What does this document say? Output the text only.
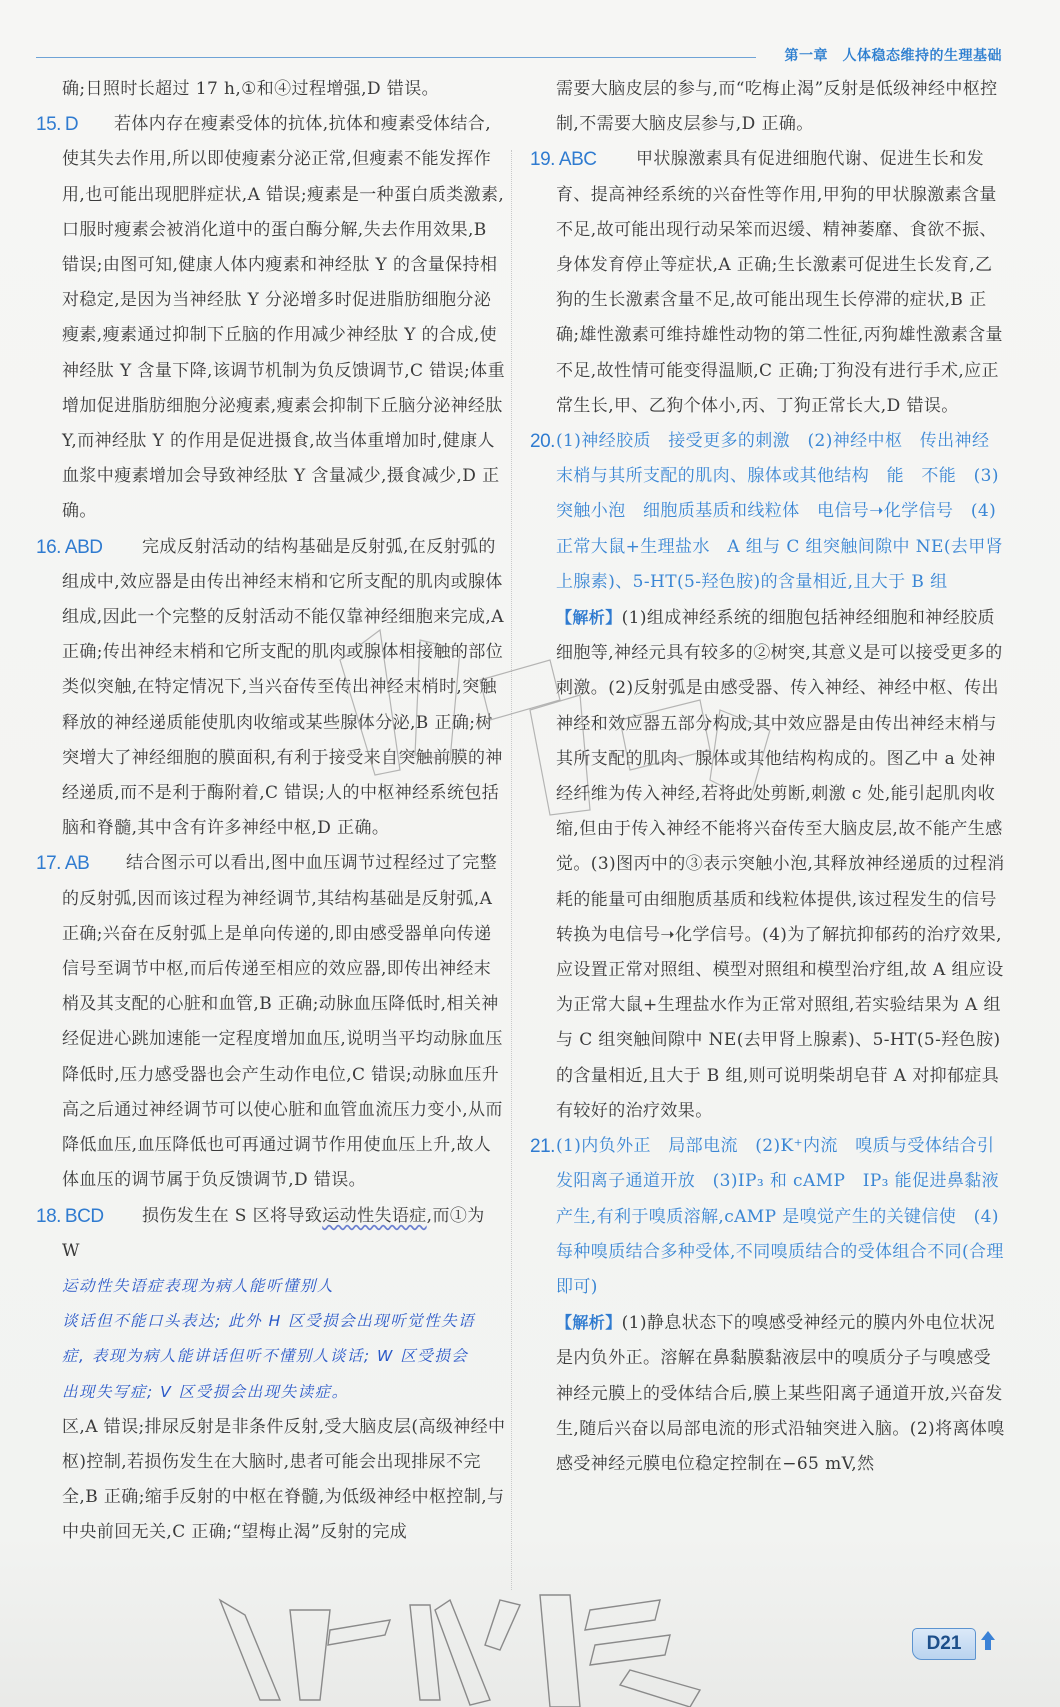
第一章　人体稳态维持的生理基础
确;日照时长超过 17 h,①和④过程增强,D 错误。
15. D 若体内存在瘦素受体的抗体,抗体和瘦素受体结合,使其失去作用,所以即使瘦素分泌正常,但瘦素不能发挥作用,也可能出现肥胖症状,A 错误;瘦素是一种蛋白质类激素,口服时瘦素会被消化道中的蛋白酶分解,失去作用效果,B 错误;由图可知,健康人体内瘦素和神经肽 Y 的含量保持相对稳定,是因为当神经肽 Y 分泌增多时促进脂肪细胞分泌瘦素,瘦素通过抑制下丘脑的作用减少神经肽 Y 的合成,使神经肽 Y 含量下降,该调节机制为负反馈调节,C 错误;体重增加促进脂肪细胞分泌瘦素,瘦素会抑制下丘脑分泌神经肽 Y,而神经肽 Y 的作用是促进摄食,故当体重增加时,健康人血浆中瘦素增加会导致神经肽 Y 含量减少,摄食减少,D 正确。
16. ABD 完成反射活动的结构基础是反射弧,在反射弧的组成中,效应器是由传出神经末梢和它所支配的肌肉或腺体组成,因此一个完整的反射活动不能仅靠神经细胞来完成,A 正确;传出神经末梢和它所支配的肌肉或腺体相接触的部位类似突触,在特定情况下,当兴奋传至传出神经末梢时,突触释放的神经递质能使肌肉收缩或某些腺体分泌,B 正确;树突增大了神经细胞的膜面积,有利于接受来自突触前膜的神经递质,而不是利于酶附着,C 错误;人的中枢神经系统包括脑和脊髓,其中含有许多神经中枢,D 正确。
17. AB 结合图示可以看出,图中血压调节过程经过了完整的反射弧,因而该过程为神经调节,其结构基础是反射弧,A 正确;兴奋在反射弧上是单向传递的,即由感受器单向传递信号至调节中枢,而后传递至相应的效应器,即传出神经末梢及其支配的心脏和血管,B 正确;动脉血压降低时,相关神经促进心跳加速能一定程度增加血压,说明当平均动脉血压降低时,压力感受器也会产生动作电位,C 错误;动脉血压升高之后通过神经调节可以使心脏和血管血流压力变小,从而降低血压,血压降低也可再通过调节作用使血压上升,故人体血压的调节属于负反馈调节,D 错误。
18. BCD 损伤发生在 S 区将导致运动性失语症,而①为 W
运动性失语症表现为病人能听懂别人
谈话但不能口头表达; 此外 H 区受损会出现听觉性失语
症, 表现为病人能讲话但听不懂别人谈话; W 区受损会
出现失写症; V 区受损会出现失读症。
区,A 错误;排尿反射是非条件反射,受大脑皮层(高级神经中枢)控制,若损伤发生在大脑时,患者可能会出现排尿不完全,B 正确;缩手反射的中枢在脊髓,为低级神经中枢控制,与中央前回无关,C 正确;“望梅止渴”反射的完成
需要大脑皮层的参与,而“吃梅止渴”反射是低级神经中枢控制,不需要大脑皮层参与,D 正确。
19. ABC 甲状腺激素具有促进细胞代谢、促进生长和发育、提高神经系统的兴奋性等作用,甲狗的甲状腺激素含量不足,故可能出现行动呆笨而迟缓、精神萎靡、食欲不振、身体发育停止等症状,A 正确;生长激素可促进生长发育,乙狗的生长激素含量不足,故可能出现生长停滞的症状,B 正确;雄性激素可维持雄性动物的第二性征,丙狗雄性激素含量不足,故性情可能变得温顺,C 正确;丁狗没有进行手术,应正常生长,甲、乙狗个体小,丙、丁狗正常长大,D 错误。
20. (1)神经胶质　接受更多的刺激　(2)神经中枢　传出神经末梢与其所支配的肌肉、腺体或其他结构　能　不能　(3)突触小泡　细胞质基质和线粒体　电信号➝化学信号　(4)正常大鼠+生理盐水　A 组与 C 组突触间隙中 NE(去甲肾上腺素)、5-HT(5-羟色胺)的含量相近,且大于 B 组
【解析】(1)组成神经系统的细胞包括神经细胞和神经胶质细胞等,神经元具有较多的②树突,其意义是可以接受更多的刺激。(2)反射弧是由感受器、传入神经、神经中枢、传出神经和效应器五部分构成,其中效应器是由传出神经末梢与其所支配的肌肉、腺体或其他结构构成的。图乙中 a 处神经纤维为传入神经,若将此处剪断,刺激 c 处,能引起肌肉收缩,但由于传入神经不能将兴奋传至大脑皮层,故不能产生感觉。(3)图丙中的③表示突触小泡,其释放神经递质的过程消耗的能量可由细胞质基质和线粒体提供,该过程发生的信号转换为电信号➝化学信号。(4)为了解抗抑郁药的治疗效果,应设置正常对照组、模型对照组和模型治疗组,故 A 组应设为正常大鼠+生理盐水作为正常对照组,若实验结果为 A 组与 C 组突触间隙中 NE(去甲肾上腺素)、5-HT(5-羟色胺)的含量相近,且大于 B 组,则可说明柴胡皂苷 A 对抑郁症具有较好的治疗效果。
21. (1)内负外正　局部电流　(2)K⁺内流　嗅质与受体结合引发阳离子通道开放　(3)IP₃ 和 cAMP　IP₃ 能促进鼻黏液产生,有利于嗅质溶解,cAMP 是嗅觉产生的关键信使　(4)每种嗅质结合多种受体,不同嗅质结合的受体组合不同(合理即可)
【解析】(1)静息状态下的嗅感受神经元的膜内外电位状况是内负外正。溶解在鼻黏膜黏液层中的嗅质分子与嗅感受神经元膜上的受体结合后,膜上某些阳离子通道开放,兴奋发生,随后兴奋以局部电流的形式沿轴突进入脑。(2)将离体嗅感受神经元膜电位稳定控制在−65 mV,然
D21
